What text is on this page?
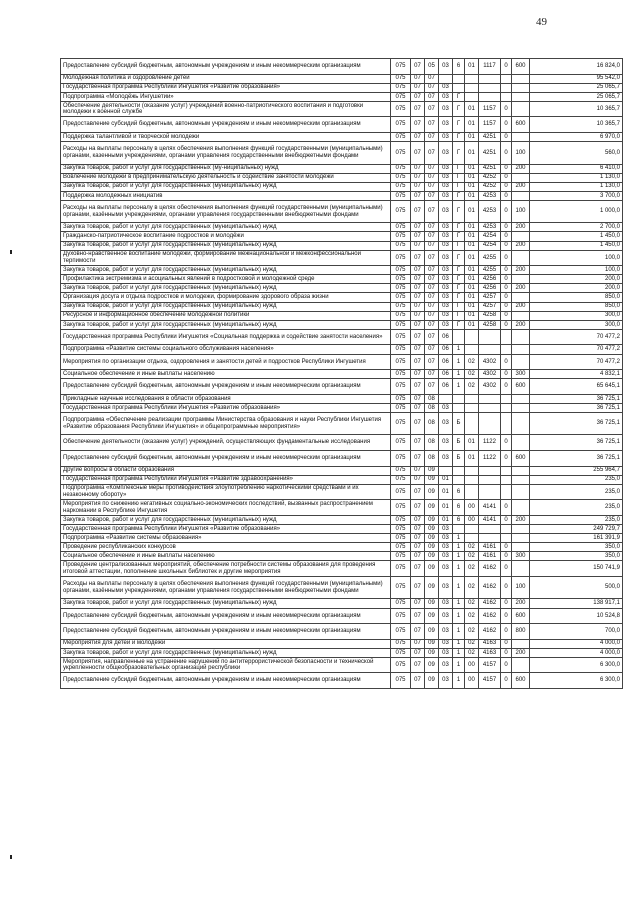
49
Предоставление субсидий бюджетным, автономным учреждениям и иным некоммерческим организациям	075	07	05	03	6	01	1117	0	600	16 824,0
Молодежная политика и оздоровление детей	075	07	07							95 542,0
Государственная программа Республики Ингушетия «Развитие образования»	075	07	07	03						25 065,7
Подпрограмма «Молодёжь Ингушетии»	075	07	07	03	Г					25 065,7
Обеспечение деятельности (оказание услуг) учреждений военно-патриотического воспитания и подготовки молодежи к военной службе	075	07	07	03	Г	01	1157	0		10 365,7
Предоставление субсидий бюджетным, автономным учреждениям и иным некоммерческим организациям	075	07	07	03	Г	01	1157	0	600	10 365,7
Поддержка талантливой и творческой молодежи	075	07	07	03	Г	01	4251	0		6 970,0
Расходы на выплаты персоналу в целях обеспечения выполнения функций государственными (муниципальными) органами, казенными учреждениями, органами управления государственными внебюджетными фондами	075	07	07	03	Г	01	4251	0	100	560,0
Закупка товаров, работ и услуг для государственных (му-ниципальных) нужд	075	07	07	03	Г	01	4251	0	200	6 410,0
Вовлечение молодежи в предпринимательскую деятельность и содействие занятости молодёжи	075	07	07	03	Г	01	4252	0		1 130,0
Закупка товаров, работ и услуг для государственных (муниципальных) нужд	075	07	07	03	Г	01	4252	0	200	1 130,0
Поддержка молодежных инициатив	075	07	07	03	Г	01	4253	0		3 700,0
Расходы на выплаты персоналу в целях обеспечения выполнения функций государственными (муниципальными) органами, казёнными учреждениями, органами управления государственными внебюджетными фондами	075	07	07	03	Г	01	4253	0	100	1 000,0
Закупка товаров, работ и услуг для государственных (муниципальных) нужд	075	07	07	03	Г	01	4253	0	200	2 700,0
Гражданско-патриотическое воспитание подростков и молодёжи	075	07	07	03	Г	01	4254	0		1 450,0
Закупка товаров, работ и услуг для государственных (муниципальных) нужд	075	07	07	03	Г	01	4254	0	200	1 450,0
Духовно-нравственное воспитание молодёжи, формирование межнациональной и межконфессиональной терпимости	075	07	07	03	Г	01	4255	0		100,0
Закупка товаров, работ и услуг для государственных (муниципальных) нужд	075	07	07	03	Г	01	4255	0	200	100,0
Профилактика экстремизма и асоциальных явлений в подростковой и молодежной среде	075	07	07	03	Г	01	4256	0		200,0
Закупка товаров, работ и услуг для государственных (муниципальных) нужд	075	07	07	03	Г	01	4256	0	200	200,0
Организация досуга и отдыха подростков и молодежи, формирование здорового образа жизни	075	07	07	03	Г	01	4257	0		850,0
Закупка товаров, работ и услуг для государственных (муниципальных) нужд	075	07	07	03	Г	01	4257	0	200	850,0
Ресурсное и информационное обеспечение молодежной политики	075	07	07	03	Г	01	4258	0		300,0
Закупка товаров, работ и услуг для государственных (муниципальных) нужд	075	07	07	03	Г	01	4258	0	200	300,0
Государственная программа Республики Ингушетия «Социальная поддержка и содействие занятости населения»	075	07	07	06						70 477,2
Подпрограмма «Развитие системы социального обслуживания населения»	075	07	07	06	1					70 477,2
Мероприятия по организации отдыха, оздоровления и занятости детей и подростков Республики Ингушетия	075	07	07	06	1	02	4302	0		70 477,2
Социальное обеспечение и иные выплаты населению	075	07	07	06	1	02	4302	0	300	4 832,1
Предоставление субсидий бюджетным, автономным учреждениям и иным некоммерческим организациям	075	07	07	06	1	02	4302	0	600	65 645,1
Прикладные научные исследования в области образования	075	07	08							36 725,1
Государственная программа Республики Ингушетия «Развитие образования»	075	07	08	03						36 725,1
Подпрограмма «Обеспечение реализации программы Министерства образования и науки Республики Ингушетия «Развитие образования Республики Ингушетия» и общепрограммные мероприятия»	075	07	08	03	Б					36 725,1
Обеспечение деятельности (оказание услуг) учреждений, осуществляющих фундаментальные исследования	075	07	08	03	Б	01	1122	0		36 725,1
Предоставление субсидий бюджетным, автономным учреждениям и иным некоммерческим организациям	075	07	08	03	Б	01	1122	0	600	36 725,1
Другие вопросы в области образования	075	07	09							255 964,7
Государственная программа Республики Ингушетия «Развитие здравоохранения»	075	07	09	01						235,0
Подпрограмма «Комплексные меры противодействия злоупотреблению наркотическими средствами и их незаконному обороту»	075	07	09	01	6					235,0
Мероприятия по снижению негативных социально-экономических последствий, вызванных распространением наркомании в Республике Ингушетия	075	07	09	01	6	00	4141	0		235,0
Закупка товаров, работ и услуг для государственных (муниципальных) нужд	075	07	09	01	6	00	4141	0	200	235,0
Государственная программа Республики Ингушетия «Развитие образования»	075	07	09	03						249 729,7
Подпрограмма «Развитие системы образования»	075	07	09	03	1					161 391,9
Проведение республиканских конкурсов	075	07	09	03	1	02	4161	0		350,0
Социальное обеспечение и иные выплаты населению	075	07	09	03	1	02	4161	0	300	350,0
Проведение централизованных мероприятий, обеспечение потребности системы образования для проведения итоговой аттестации, пополнение школьных библиотек и другие мероприятия	075	07	09	03	1	02	4162	0		150 741,9
Расходы на выплаты персоналу в целях обеспечения выполнения функций государственными (муниципальными) органами, казёнными учреждениями, органами управления государственными внебюджетными фондами	075	07	09	03	1	02	4162	0	100	500,0
Закупка товаров, работ и услуг для государственных (муниципальных) нужд	075	07	09	03	1	02	4162	0	200	138 917,1
Предоставление субсидий бюджетным, автономным учреждениям и иным некоммерческим организациям	075	07	09	03	1	02	4162	0	600	10 524,8
Предоставление субсидий бюджетным, автономным учреждениям и иным некоммерческим организациям	075	07	09	03	1	02	4162	0	800	700,0
Мероприятия для детей и молодёжи	075	07	09	03	1	02	4163	0		4 000,0
Закупка товаров, работ и услуг для государственных (муниципальных) нужд	075	07	09	03	1	02	4163	0	200	4 000,0
Мероприятия, направленные на устранение нарушений по антитеррористической безопасности и технической укрепленности общеобразовательных организаций республики	075	07	09	03	1	00	4157	0		6 300,0
Предоставление субсидий бюджетным, автономным учреждениям и иным некоммерческим организациям	075	07	09	03	1	00	4157	0	600	6 300,0
